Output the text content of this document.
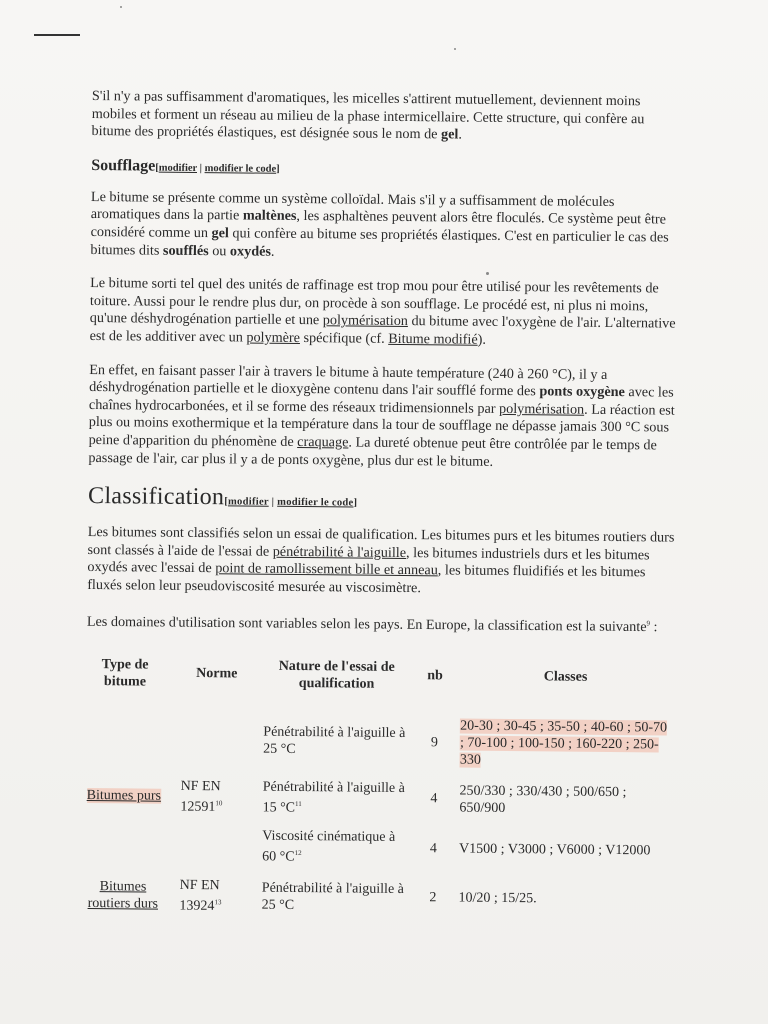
S'il n'y a pas suffisamment d'aromatiques, les micelles s'attirent mutuellement, deviennent moins mobiles et forment un réseau au milieu de la phase intermicellaire. Cette structure, qui confère au bitume des propriétés élastiques, est désignée sous le nom de gel.

Soufflage[modifier | modifier le code]

Le bitume se présente comme un système colloïdal. Mais s'il y a suffisamment de molécules aromatiques dans la partie maltènes, les asphaltènes peuvent alors être floculés. Ce système peut être considéré comme un gel qui confère au bitume ses propriétés élastiques. C'est en particulier le cas des bitumes dits soufflés ou oxydés.

Le bitume sorti tel quel des unités de raffinage est trop mou pour être utilisé pour les revêtements de toiture. Aussi pour le rendre plus dur, on procède à son soufflage. Le procédé est, ni plus ni moins, qu'une déshydrogénation partielle et une polymérisation du bitume avec l'oxygène de l'air. L'alternative est de les additiver avec un polymère spécifique (cf. Bitume modifié).

En effet, en faisant passer l'air à travers le bitume à haute température (240 à 260 °C), il y a déshydrogénation partielle et le dioxygène contenu dans l'air soufflé forme des ponts oxygène avec les chaînes hydrocarbonées, et il se forme des réseaux tridimensionnels par polymérisation. La réaction est plus ou moins exothermique et la température dans la tour de soufflage ne dépasse jamais 300 °C sous peine d'apparition du phénomène de craquage. La dureté obtenue peut être contrôlée par le temps de passage de l'air, car plus il y a de ponts oxygène, plus dur est le bitume.

Classification[modifier | modifier le code]

Les bitumes sont classifiés selon un essai de qualification. Les bitumes purs et les bitumes routiers durs sont classés à l'aide de l'essai de pénétrabilité à l'aiguille, les bitumes industriels durs et les bitumes oxydés avec l'essai de point de ramollissement bille et anneau, les bitumes fluidifiés et les bitumes fluxés selon leur pseudoviscosité mesurée au viscosimètre.

Les domaines d'utilisation sont variables selon les pays. En Europe, la classification est la suivante$^9$ :

Type de bitume	Norme	Nature de l'essai de qualification	nb	Classes
		Pénétrabilité à l'aiguille à 25 °C	9	20-30 ; 30-45 ; 35-50 ; 40-60 ; 50-70 ; 70-100 ; 100-150 ; 160-220 ; 250-330
Bitumes purs	NF EN 12591$^{10}$	Pénétrabilité à l'aiguille à 15 $^\circ C^{11}$	4	250/330 ; 330/430 ; 500/650 ; 650/900
		Viscosité cinématique à 60 $^\circ C^{12}$	4	V1500 ; V3000 ; V6000 ; V12000
Bitumes routiers durs	NF EN 13924$^{13}$	Pénétrabilité à l'aiguille à 25 °C	2	10/20 ; 15/25.
